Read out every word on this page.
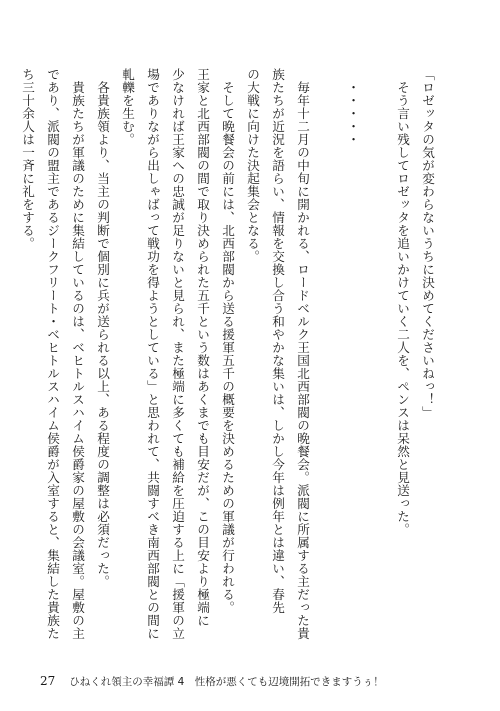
「ロゼッタの気が変わらないうちに決めてくださいねっ！」
そう言い残してロゼッタを追いかけていく二人を、ペンスは呆然と見送った。
・・・・・
毎年十二月の中旬に開かれる、ロードベルク王国北西部閥の晩餐会。派閥に所属する主だった貴
族たちが近況を語らい、情報を交換し合う和やかな集いは、しかし今年は例年とは違い、春先
の大戦に向けた決起集会となる。
そして晩餐会の前には、北西部閥から送る援軍五千の概要を決めるための軍議が行われる。
王家と北西部閥の間で取り決められた五千という数はあくまでも目安だが、この目安より極端に
少なければ王家への忠誠が足りないと見られ、また極端に多くても補給を圧迫する上に「援軍の立
場でありながら出しゃばって戦功を得ようとしている」と思われて、共闘すべき南西部閥との間に
軋轢を生む。
各貴族領より、当主の判断で個別に兵が送られる以上、ある程度の調整は必須だった。
貴族たちが軍議のために集結しているのは、ベヒトルスハイム侯爵家の屋敷の会議室。屋敷の主
であり、派閥の盟主であるジークフリート・ベヒトルスハイム侯爵が入室すると、集結した貴族た
ち三十余人は一斉に礼をする。
27 ひねくれ領主の幸福譚 4　性格が悪くても辺境開拓できますうぅ！
